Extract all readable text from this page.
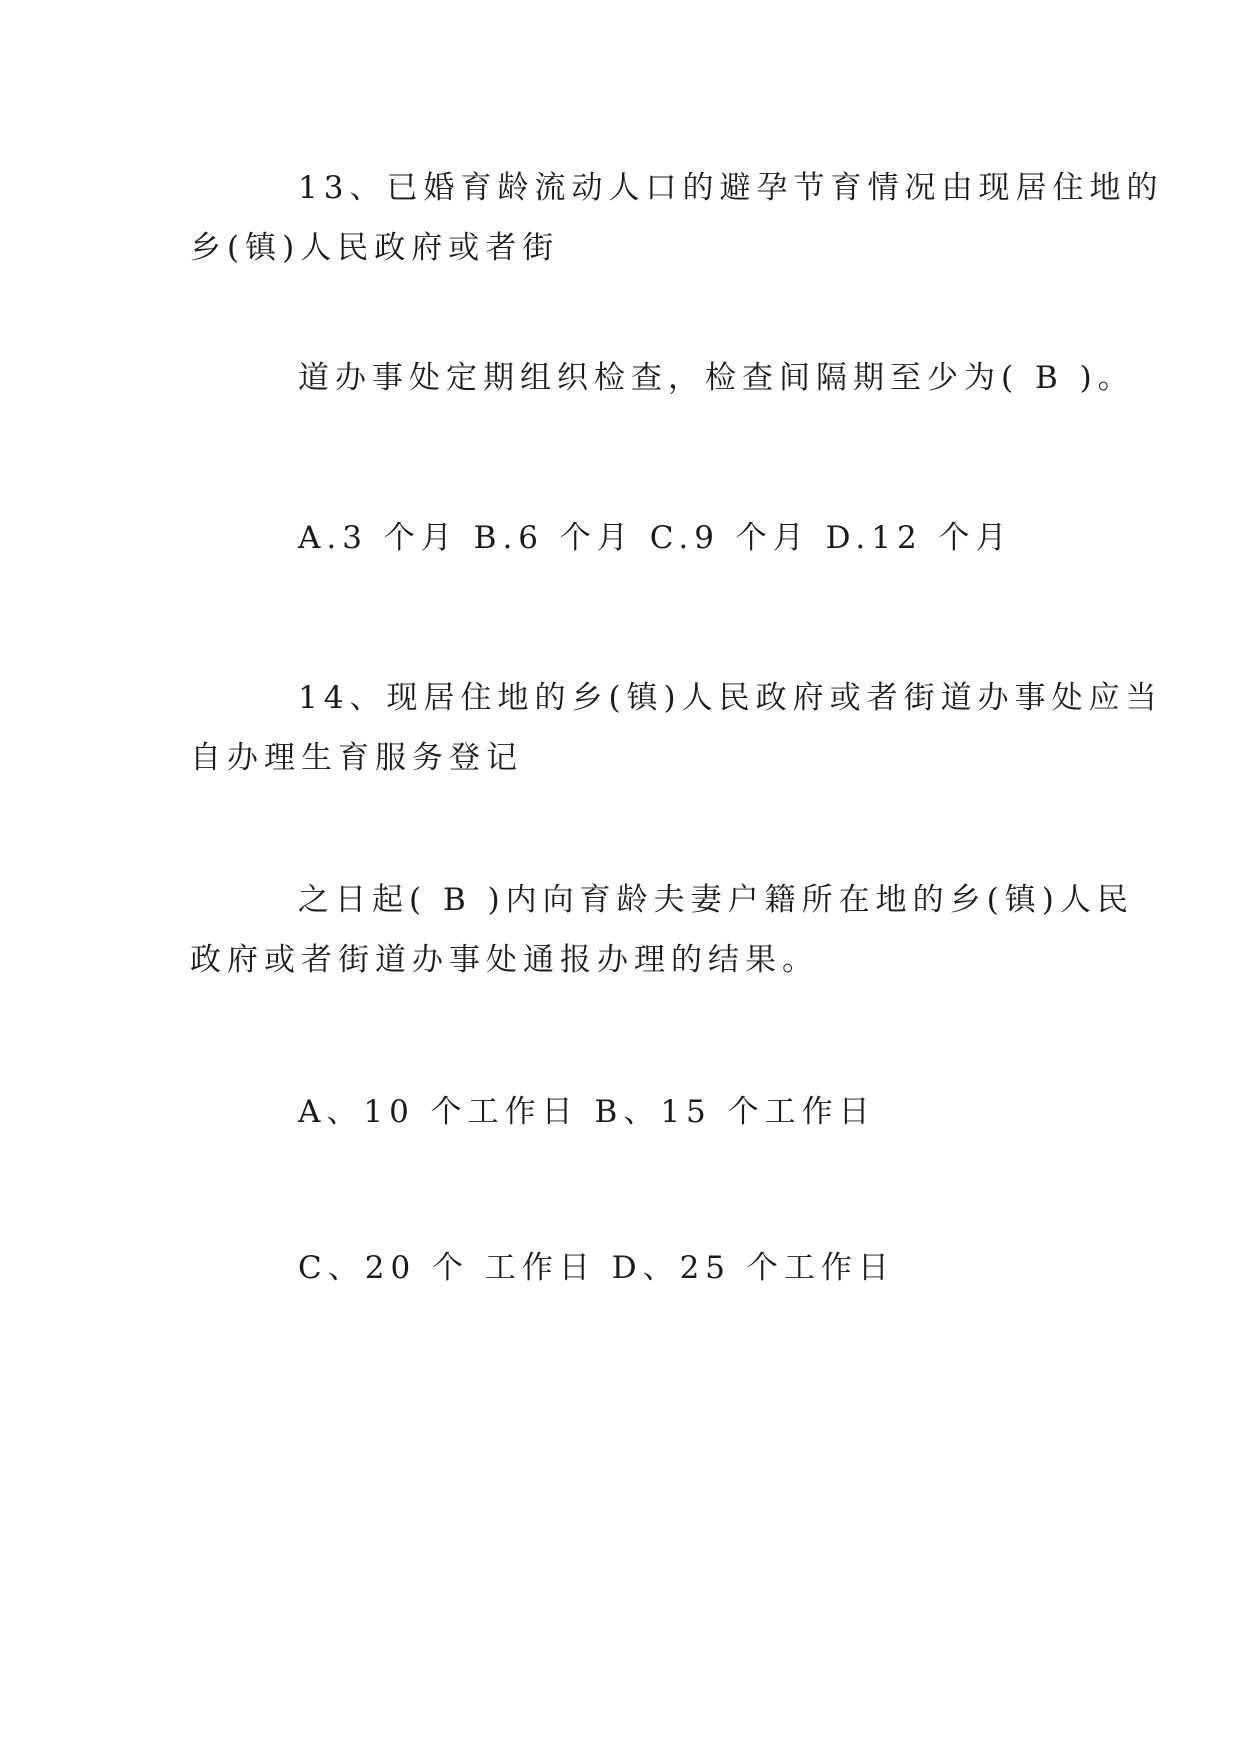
13、已婚育龄流动人口的避孕节育情况由现居住地的
乡(镇)人民政府或者街

道办事处定期组织检查，检查间隔期至少为( B )。

A.3 个月 B.6 个月 C.9 个月 D.12 个月

14、现居住地的乡(镇)人民政府或者街道办事处应当
自办理生育服务登记

之日起( B )内向育龄夫妻户籍所在地的乡(镇)人民
政府或者街道办事处通报办理的结果。

A、10 个工作日 B、15 个工作日

C、20 个 工作日 D、25 个工作日
